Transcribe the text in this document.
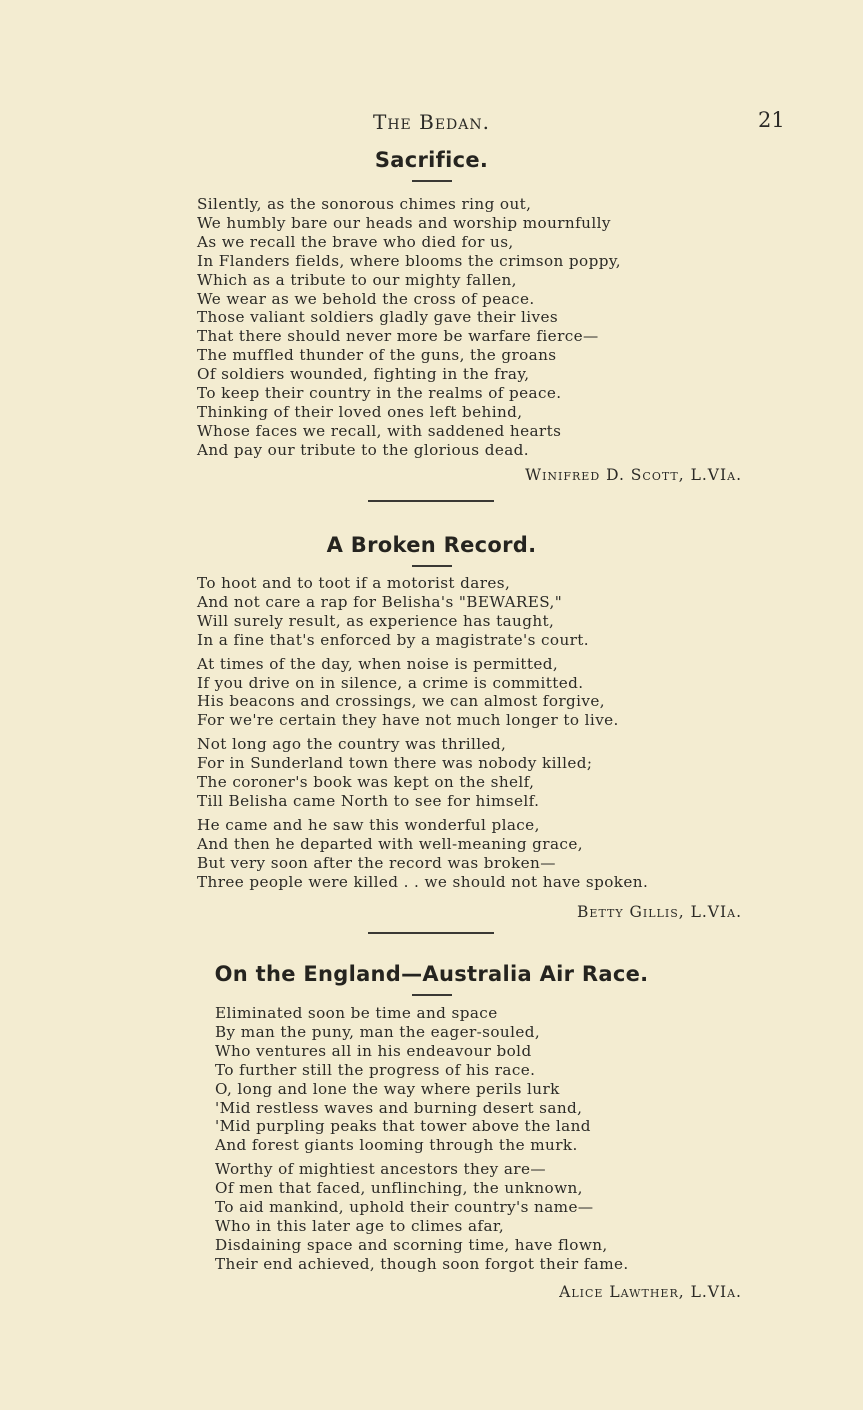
The Bedan.	21
Sacrifice.
Silently, as the sonorous chimes ring out,
We humbly bare our heads and worship mournfully
As we recall the brave who died for us,
In Flanders fields, where blooms the crimson poppy,
Which as a tribute to our mighty fallen,
We wear as we behold the cross of peace.
Those valiant soldiers gladly gave their lives
That there should never more be warfare fierce—
The muffled thunder of the guns, the groans
Of soldiers wounded, fighting in the fray,
To keep their country in the realms of peace.
Thinking of their loved ones left behind,
Whose faces we recall, with saddened hearts
And pay our tribute to the glorious dead.
Winifred D. Scott, L.VIa.
A Broken Record.
To hoot and to toot if a motorist dares,
And not care a rap for Belisha's "BEWARES,"
Will surely result, as experience has taught,
In a fine that's enforced by a magistrate's court.
At times of the day, when noise is permitted,
If you drive on in silence, a crime is committed.
His beacons and crossings, we can almost forgive,
For we're certain they have not much longer to live.
Not long ago the country was thrilled,
For in Sunderland town there was nobody killed;
The coroner's book was kept on the shelf,
Till Belisha came North to see for himself.
He came and he saw this wonderful place,
And then he departed with well-meaning grace,
But very soon after the record was broken—
Three people were killed . . we should not have spoken.
Betty Gillis, L.VIa.
On the England—Australia Air Race.
Eliminated soon be time and space
By man the puny, man the eager-souled,
Who ventures all in his endeavour bold
To further still the progress of his race.
O, long and lone the way where perils lurk
'Mid restless waves and burning desert sand,
'Mid purpling peaks that tower above the land
And forest giants looming through the murk.
Worthy of mightiest ancestors they are—
Of men that faced, unflinching, the unknown,
To aid mankind, uphold their country's name—
Who in this later age to climes afar,
Disdaining space and scorning time, have flown,
Their end achieved, though soon forgot their fame.
Alice Lawther, L.VIa.
